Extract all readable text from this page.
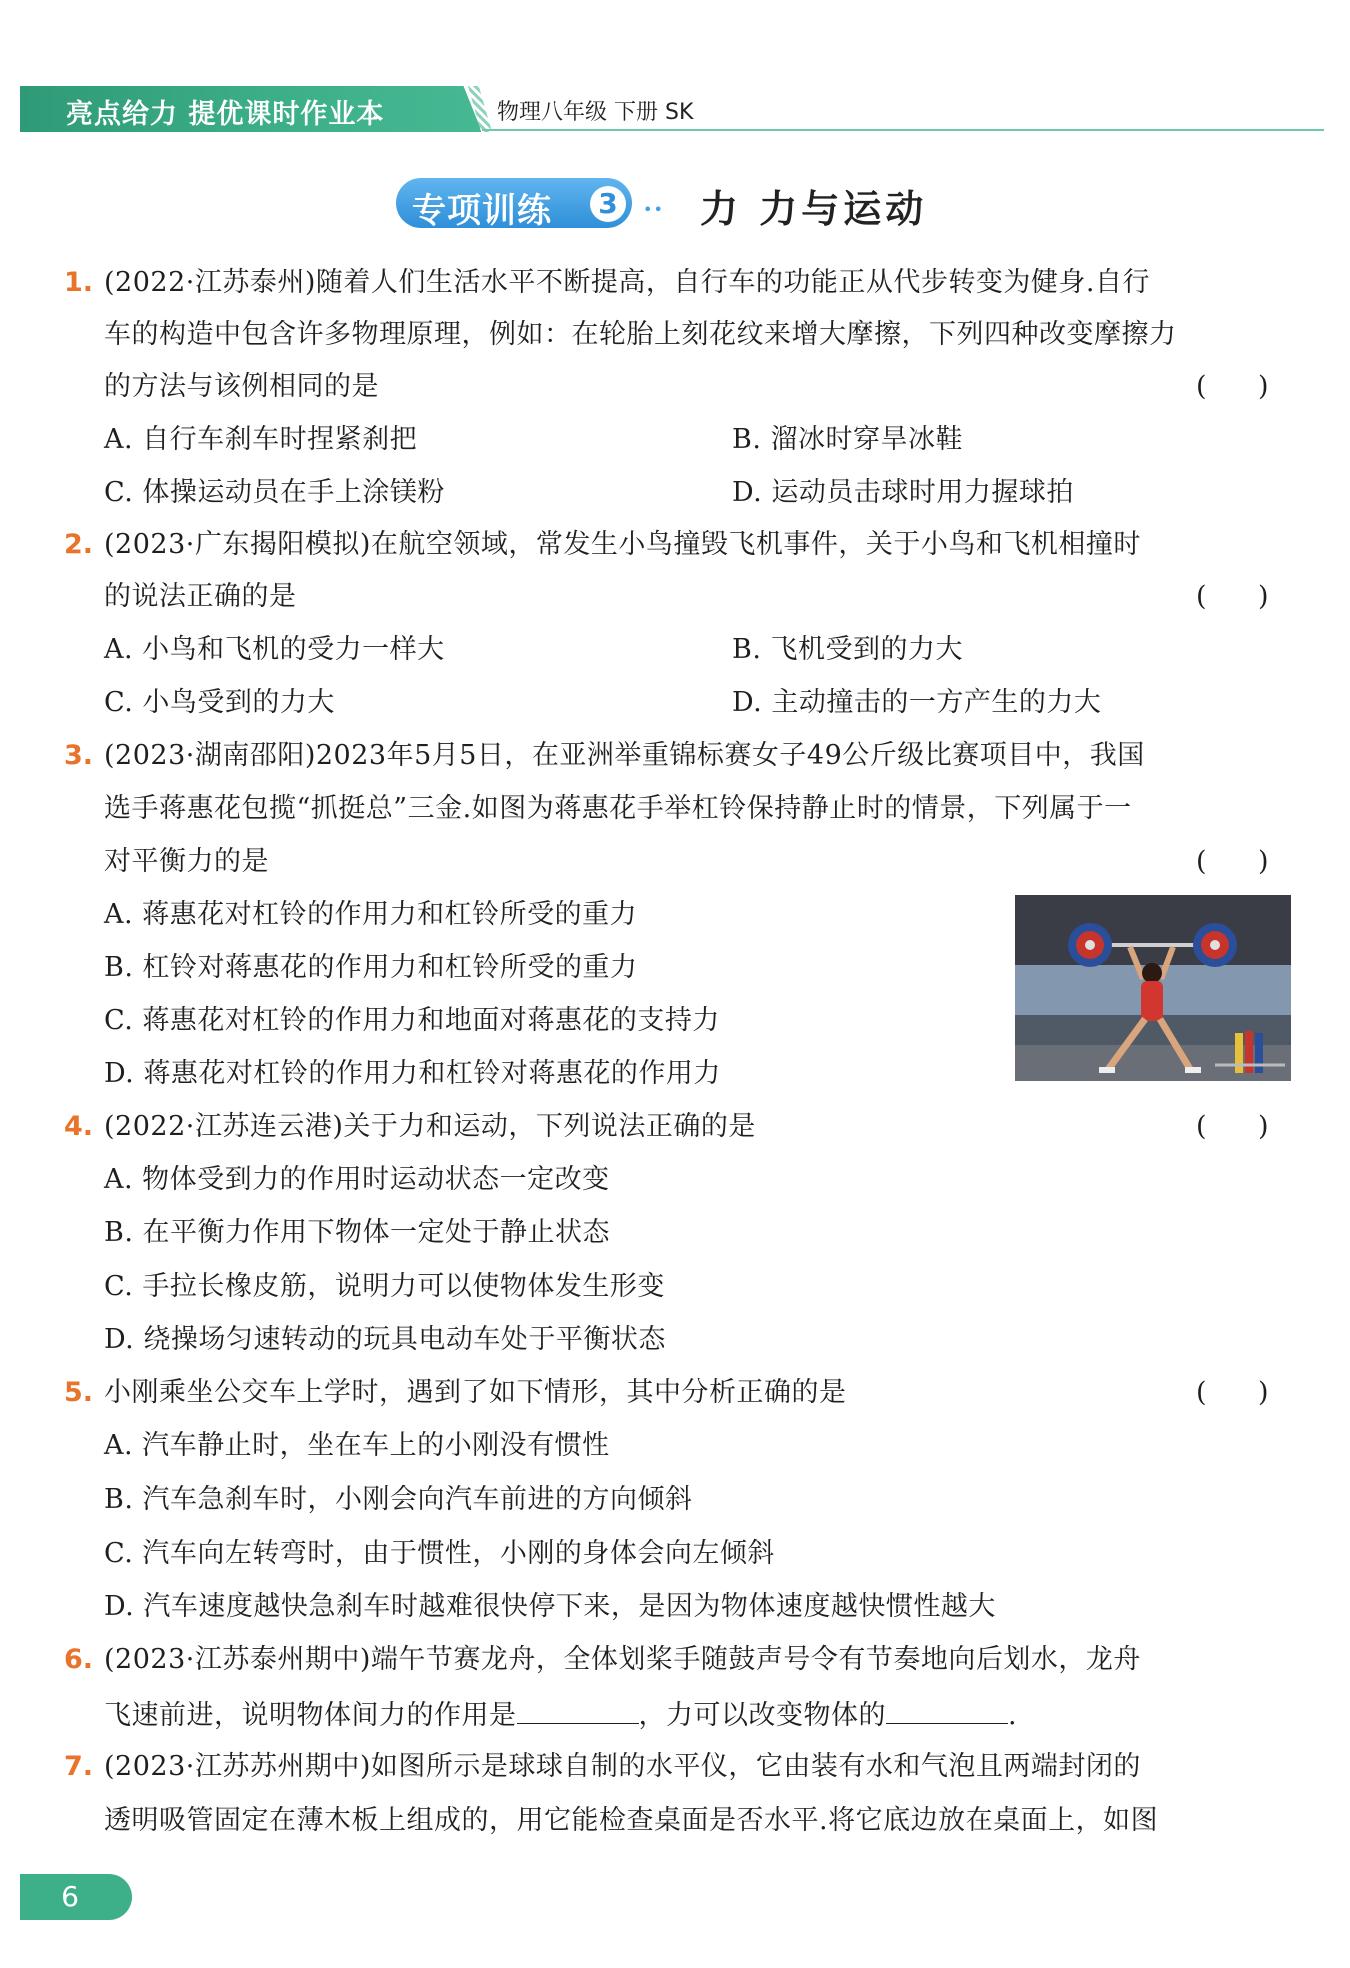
亮点给力 提优课时作业本	物理八年级 下册 SK
专项训练 3	•• 力 力与运动
1. (2022·江苏泰州)随着人们生活水平不断提高，自行车的功能正从代步转变为健身.自行
车的构造中包含许多物理原理，例如：在轮胎上刻花纹来增大摩擦，下列四种改变摩擦力
的方法与该例相同的是	(      )
A. 自行车刹车时捏紧刹把	B. 溜冰时穿旱冰鞋
C. 体操运动员在手上涂镁粉	D. 运动员击球时用力握球拍
2. (2023·广东揭阳模拟)在航空领域，常发生小鸟撞毁飞机事件，关于小鸟和飞机相撞时
的说法正确的是	(      )
A. 小鸟和飞机的受力一样大	B. 飞机受到的力大
C. 小鸟受到的力大	D. 主动撞击的一方产生的力大
3. (2023·湖南邵阳)2023年5月5日，在亚洲举重锦标赛女子49公斤级比赛项目中，我国
选手蒋惠花包揽“抓挺总”三金.如图为蒋惠花手举杠铃保持静止时的情景，下列属于一
对平衡力的是	(      )
A. 蒋惠花对杠铃的作用力和杠铃所受的重力
B. 杠铃对蒋惠花的作用力和杠铃所受的重力
C. 蒋惠花对杠铃的作用力和地面对蒋惠花的支持力
D. 蒋惠花对杠铃的作用力和杠铃对蒋惠花的作用力
4. (2022·江苏连云港)关于力和运动，下列说法正确的是	(      )
A. 物体受到力的作用时运动状态一定改变
B. 在平衡力作用下物体一定处于静止状态
C. 手拉长橡皮筋，说明力可以使物体发生形变
D. 绕操场匀速转动的玩具电动车处于平衡状态
5. 小刚乘坐公交车上学时，遇到了如下情形，其中分析正确的是	(      )
A. 汽车静止时，坐在车上的小刚没有惯性
B. 汽车急刹车时，小刚会向汽车前进的方向倾斜
C. 汽车向左转弯时，由于惯性，小刚的身体会向左倾斜
D. 汽车速度越快急刹车时越难很快停下来，是因为物体速度越快惯性越大
6. (2023·江苏泰州期中)端午节赛龙舟，全体划桨手随鼓声号令有节奏地向后划水，龙舟
飞速前进，说明物体间力的作用是	，力可以改变物体的	.
7. (2023·江苏苏州期中)如图所示是球球自制的水平仪，它由装有水和气泡且两端封闭的
透明吸管固定在薄木板上组成的，用它能检查桌面是否水平.将它底边放在桌面上，如图
6
